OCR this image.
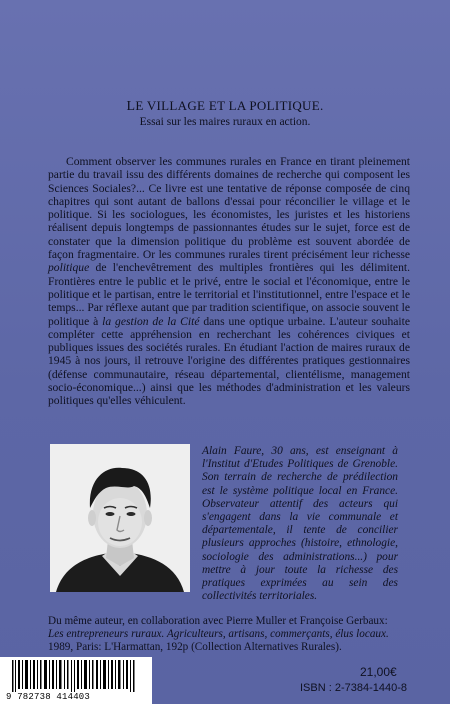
LE VILLAGE ET LA POLITIQUE.
Essai sur les maires ruraux en action.

Comment observer les communes rurales en France en tirant pleinement partie du travail issu des différents domaines de recherche qui composent les Sciences Sociales?... Ce livre est une tentative de réponse composée de cinq chapitres qui sont autant de ballons d'essai pour réconcilier le village et le politique. Si les sociologues, les économistes, les juristes et les historiens réalisent depuis longtemps de passionnantes études sur le sujet, force est de constater que la dimension politique du problème est souvent abordée de façon fragmentaire. Or les communes rurales tirent précisément leur richesse politique de l'enchevêtrement des multiples frontières qui les délimitent. Frontières entre le public et le privé, entre le social et l'économique, entre le politique et le partisan, entre le territorial et l'institutionnel, entre l'espace et le temps... Par réflexe autant que par tradition scientifique, on associe souvent le politique à la gestion de la Cité dans une optique urbaine. L'auteur souhaite compléter cette appréhension en recherchant les cohérences civiques et publiques issues des sociétés rurales. En étudiant l'action de maires ruraux de 1945 à nos jours, il retrouve l'origine des différentes pratiques gestionnaires (défense communautaire, réseau départemental, clientélisme, management socio-économique...) ainsi que les méthodes d'administration et les valeurs politiques qu'elles véhiculent.

Alain Faure, 30 ans, est enseignant à l'Institut d'Etudes Politiques de Grenoble. Son terrain de recherche de prédilection est le système politique local en France. Observateur attentif des acteurs qui s'engagent dans la vie communale et départementale, il tente de concilier plusieurs approches (histoire, ethnologie, sociologie des administrations...) pour mettre à jour toute la richesse des pratiques exprimées au sein des collectivités territoriales.
Du même auteur, en collaboration avec Pierre Muller et Françoise Gerbaux:
Les entrepreneurs ruraux. Agriculteurs, artisans, commerçants, élus locaux.
1989, Paris: L'Harmattan, 192p (Collection Alternatives Rurales).
9 782738 414403
21,00€
ISBN : 2-7384-1440-8
